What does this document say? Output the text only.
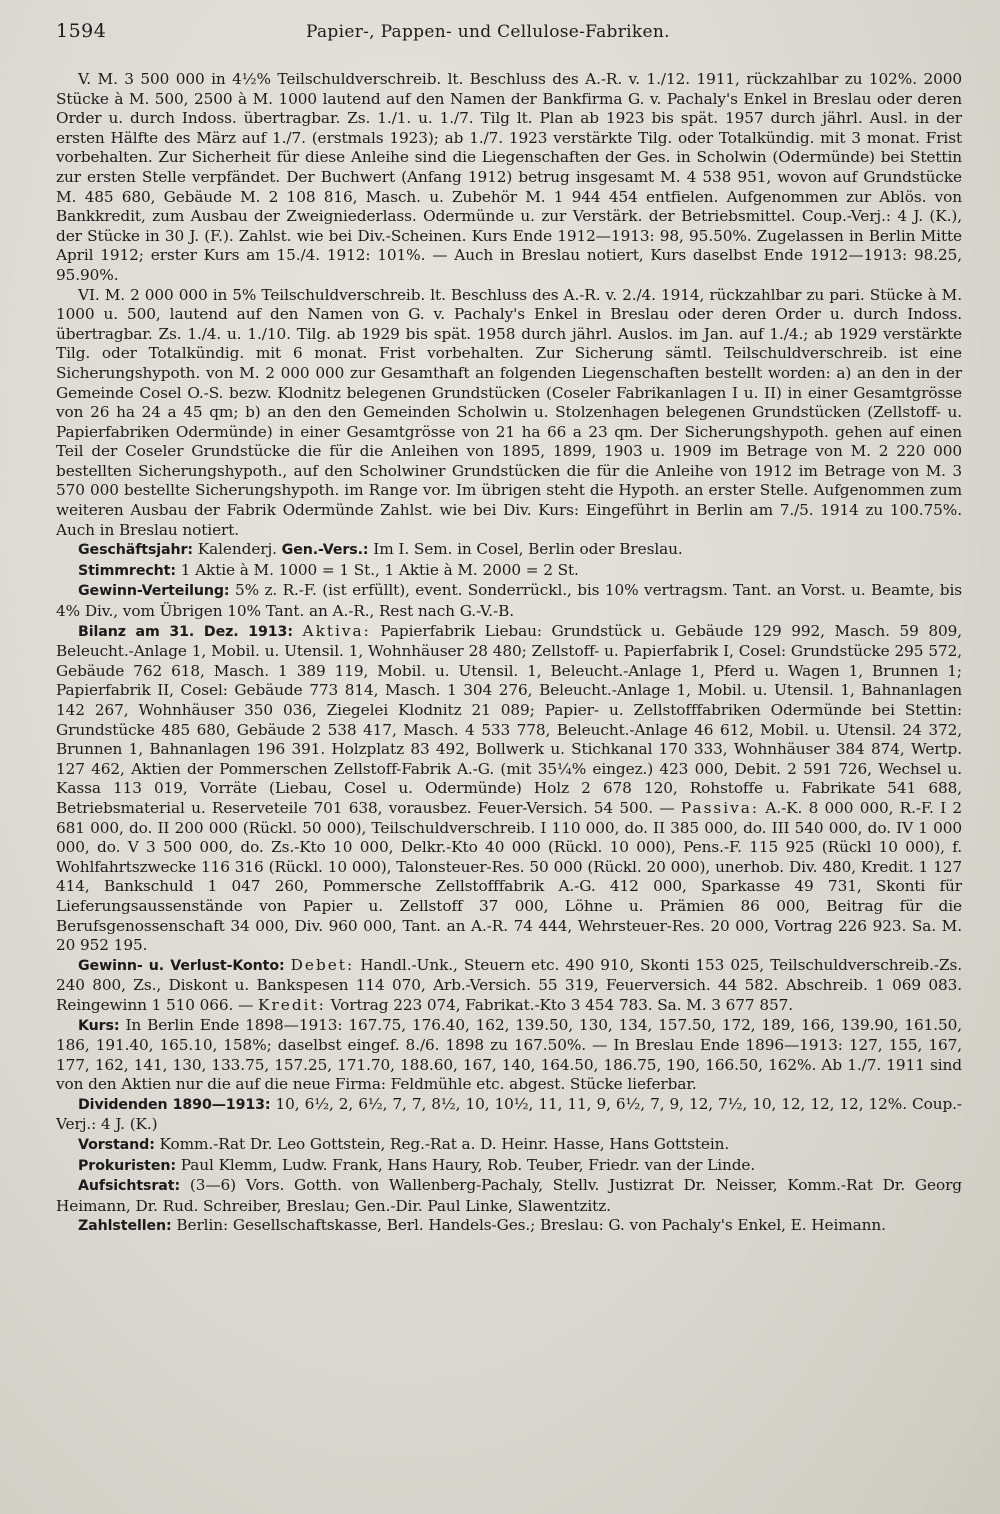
1594	Papier-, Pappen- und Cellulose-Fabriken.

V. M. 3 500 000 in 4½% Teilschuldverschreib. lt. Beschluss des A.-R. v. 1./12. 1911, rückzahlbar zu 102%. 2000 Stücke à M. 500, 2500 à M. 1000 lautend auf den Namen der Bankfirma G. v. Pachaly's Enkel in Breslau oder deren Order u. durch Indoss. übertragbar. Zs. 1./1. u. 1./7. Tilg lt. Plan ab 1923 bis spät. 1957 durch jährl. Ausl. in der ersten Hälfte des März auf 1./7. (erstmals 1923); ab 1./7. 1923 verstärkte Tilg. oder Totalkündig. mit 3 monat. Frist vorbehalten. Zur Sicherheit für diese Anleihe sind die Liegenschaften der Ges. in Scholwin (Odermünde) bei Stettin zur ersten Stelle verpfändet. Der Buchwert (Anfang 1912) betrug insgesamt M. 4 538 951, wovon auf Grundstücke M. 485 680, Gebäude M. 2 108 816, Masch. u. Zubehör M. 1 944 454 entfielen. Aufgenommen zur Ablös. von Bankkredit, zum Ausbau der Zweigniederlass. Odermünde u. zur Verstärk. der Betriebsmittel. Coup.-Verj.: 4 J. (K.), der Stücke in 30 J. (F.). Zahlst. wie bei Div.-Scheinen. Kurs Ende 1912—1913: 98, 95.50%. Zugelassen in Berlin Mitte April 1912; erster Kurs am 15./4. 1912: 101%. — Auch in Breslau notiert, Kurs daselbst Ende 1912—1913: 98.25, 95.90%.

VI. M. 2 000 000 in 5% Teilschuldverschreib. lt. Beschluss des A.-R. v. 2./4. 1914, rückzahlbar zu pari. Stücke à M. 1000 u. 500, lautend auf den Namen von G. v. Pachaly's Enkel in Breslau oder deren Order u. durch Indoss. übertragbar. Zs. 1./4. u. 1./10. Tilg. ab 1929 bis spät. 1958 durch jährl. Auslos. im Jan. auf 1./4.; ab 1929 verstärkte Tilg. oder Totalkündig. mit 6 monat. Frist vorbehalten. Zur Sicherung sämtl. Teilschuldverschreib. ist eine Sicherungshypoth. von M. 2 000 000 zur Gesamthaft an folgenden Liegenschaften bestellt worden: a) an den in der Gemeinde Cosel O.-S. bezw. Klodnitz belegenen Grundstücken (Coseler Fabrikanlagen I u. II) in einer Gesamtgrösse von 26 ha 24 a 45 qm; b) an den den Gemeinden Scholwin u. Stolzenhagen belegenen Grundstücken (Zellstoff- u. Papierfabriken Odermünde) in einer Gesamtgrösse von 21 ha 66 a 23 qm. Der Sicherungshypoth. gehen auf einen Teil der Coseler Grundstücke die für die Anleihen von 1895, 1899, 1903 u. 1909 im Betrage von M. 2 220 000 bestellten Sicherungshypoth., auf den Scholwiner Grundstücken die für die Anleihe von 1912 im Betrage von M. 3 570 000 bestellte Sicherungshypoth. im Range vor. Im übrigen steht die Hypoth. an erster Stelle. Aufgenommen zum weiteren Ausbau der Fabrik Odermünde Zahlst. wie bei Div. Kurs: Eingeführt in Berlin am 7./5. 1914 zu 100.75%. Auch in Breslau notiert.

Geschäftsjahr: Kalenderj. Gen.-Vers.: Im I. Sem. in Cosel, Berlin oder Breslau.

Stimmrecht: 1 Aktie à M. 1000 = 1 St., 1 Aktie à M. 2000 = 2 St.

Gewinn-Verteilung: 5% z. R.-F. (ist erfüllt), event. Sonderrückl., bis 10% vertragsm. Tant. an Vorst. u. Beamte, bis 4% Div., vom Übrigen 10% Tant. an A.-R., Rest nach G.-V.-B.

Bilanz am 31. Dez. 1913: Aktiva: Papierfabrik Liebau: Grundstück u. Gebäude 129 992, Masch. 59 809, Beleucht.-Anlage 1, Mobil. u. Utensil. 1, Wohnhäuser 28 480; Zellstoff- u. Papierfabrik I, Cosel: Grundstücke 295 572, Gebäude 762 618, Masch. 1 389 119, Mobil. u. Utensil. 1, Beleucht.-Anlage 1, Pferd u. Wagen 1, Brunnen 1; Papierfabrik II, Cosel: Gebäude 773 814, Masch. 1 304 276, Beleucht.-Anlage 1, Mobil. u. Utensil. 1, Bahnanlagen 142 267, Wohnhäuser 350 036, Ziegelei Klodnitz 21 089; Papier- u. Zellstofffabriken Odermünde bei Stettin: Grundstücke 485 680, Gebäude 2 538 417, Masch. 4 533 778, Beleucht.-Anlage 46 612, Mobil. u. Utensil. 24 372, Brunnen 1, Bahnanlagen 196 391. Holzplatz 83 492, Bollwerk u. Stichkanal 170 333, Wohnhäuser 384 874, Wertp. 127 462, Aktien der Pommerschen Zellstoff-Fabrik A.-G. (mit 35¼% eingez.) 423 000, Debit. 2 591 726, Wechsel u. Kassa 113 019, Vorräte (Liebau, Cosel u. Odermünde) Holz 2 678 120, Rohstoffe u. Fabrikate 541 688, Betriebsmaterial u. Reserveteile 701 638, vorausbez. Feuer-Versich. 54 500. — Passiva: A.-K. 8 000 000, R.-F. I 2 681 000, do. II 200 000 (Rückl. 50 000), Teilschuldverschreib. I 110 000, do. II 385 000, do. III 540 000, do. IV 1 000 000, do. V 3 500 000, do. Zs.-Kto 10 000, Delkr.-Kto 40 000 (Rückl. 10 000), Pens.-F. 115 925 (Rückl 10 000), f. Wohlfahrtszwecke 116 316 (Rückl. 10 000), Talonsteuer-Res. 50 000 (Rückl. 20 000), unerhob. Div. 480, Kredit. 1 127 414, Bankschuld 1 047 260, Pommersche Zellstofffabrik A.-G. 412 000, Sparkasse 49 731, Skonti für Lieferungsaussenstände von Papier u. Zellstoff 37 000, Löhne u. Prämien 86 000, Beitrag für die Berufsgenossenschaft 34 000, Div. 960 000, Tant. an A.-R. 74 444, Wehrsteuer-Res. 20 000, Vortrag 226 923. Sa. M. 20 952 195.

Gewinn- u. Verlust-Konto: Debet: Handl.-Unk., Steuern etc. 490 910, Skonti 153 025, Teilschuldverschreib.-Zs. 240 800, Zs., Diskont u. Bankspesen 114 070, Arb.-Versich. 55 319, Feuerversich. 44 582. Abschreib. 1 069 083. Reingewinn 1 510 066. — Kredit: Vortrag 223 074, Fabrikat.-Kto 3 454 783. Sa. M. 3 677 857.

Kurs: In Berlin Ende 1898—1913: 167.75, 176.40, 162, 139.50, 130, 134, 157.50, 172, 189, 166, 139.90, 161.50, 186, 191.40, 165.10, 158%; daselbst eingef. 8./6. 1898 zu 167.50%. — In Breslau Ende 1896—1913: 127, 155, 167, 177, 162, 141, 130, 133.75, 157.25, 171.70, 188.60, 167, 140, 164.50, 186.75, 190, 166.50, 162%. Ab 1./7. 1911 sind von den Aktien nur die auf die neue Firma: Feldmühle etc. abgest. Stücke lieferbar.

Dividenden 1890—1913: 10, 6½, 2, 6½, 7, 7, 8½, 10, 10½, 11, 11, 9, 6½, 7, 9, 12, 7½, 10, 12, 12, 12, 12%. Coup.-Verj.: 4 J. (K.)

Vorstand: Komm.-Rat Dr. Leo Gottstein, Reg.-Rat a. D. Heinr. Hasse, Hans Gottstein.

Prokuristen: Paul Klemm, Ludw. Frank, Hans Haury, Rob. Teuber, Friedr. van der Linde.

Aufsichtsrat: (3—6) Vors. Gotth. von Wallenberg-Pachaly, Stellv. Justizrat Dr. Neisser, Komm.-Rat Dr. Georg Heimann, Dr. Rud. Schreiber, Breslau; Gen.-Dir. Paul Linke, Slawentzitz.

Zahlstellen: Berlin: Gesellschaftskasse, Berl. Handels-Ges.; Breslau: G. von Pachaly's Enkel, E. Heimann.
